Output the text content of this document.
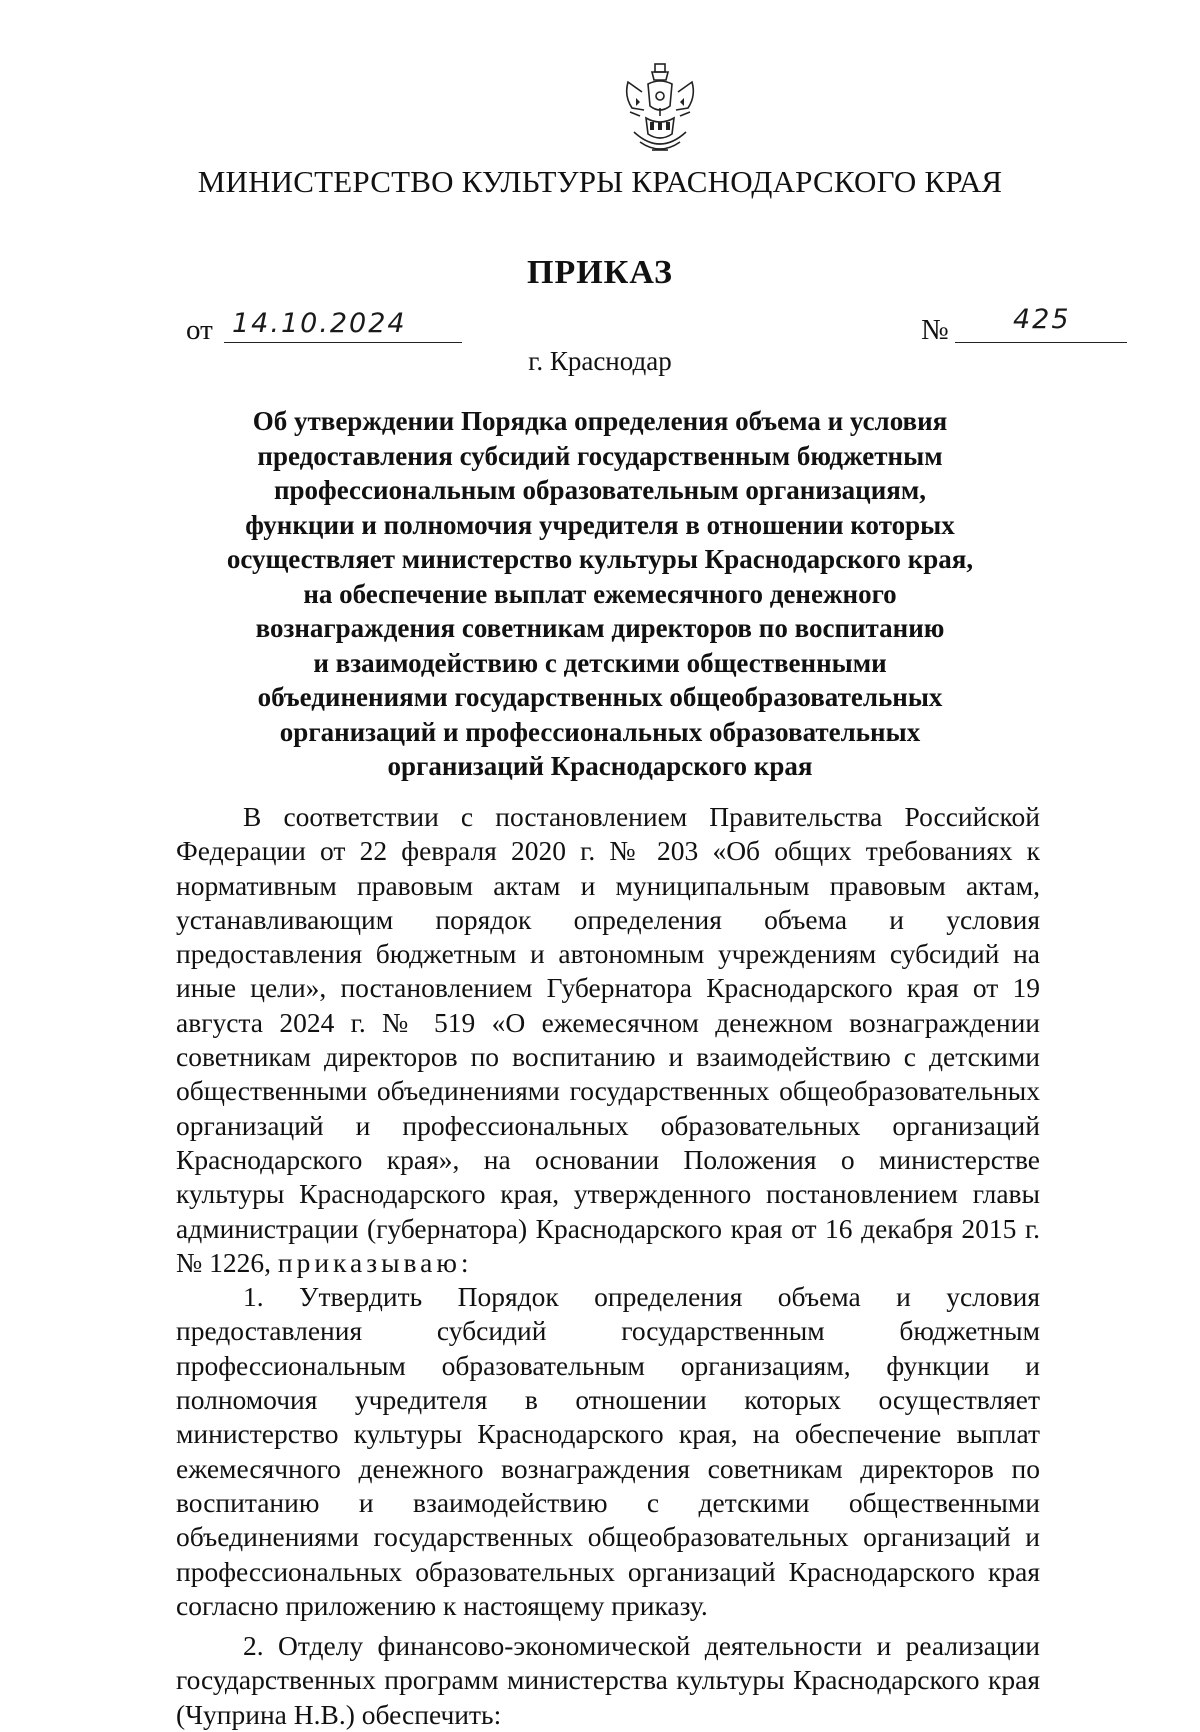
МИНИСТЕРСТВО КУЛЬТУРЫ КРАСНОДАРСКОГО КРАЯ
ПРИКАЗ
от 14.10.2024	№ 425
г. Краснодар
Об утверждении Порядка определения объема и условия
предоставления субсидий государственным бюджетным
профессиональным образовательным организациям,
функции и полномочия учредителя в отношении которых
осуществляет министерство культуры Краснодарского края,
на обеспечение выплат ежемесячного денежного
вознаграждения советникам директоров по воспитанию
и взаимодействию с детскими общественными
объединениями государственных общеобразовательных
организаций и профессиональных образовательных
организаций Краснодарского края

В соответствии с постановлением Правительства Российской Федерации от 22 февраля 2020 г. № 203 «Об общих требованиях к нормативным правовым актам и муниципальным правовым актам, устанавливающим порядок определения объема и условия предоставления бюджетным и автономным учреждениям субсидий на иные цели», постановлением Губернатора Краснодарского края от 19 августа 2024 г. № 519 «О ежемесячном денежном вознаграждении советникам директоров по воспитанию и взаимодействию с детскими общественными объединениями государственных общеобразовательных организаций и профессиональных образовательных организаций Краснодарского края», на основании Положения о министерстве культуры Краснодарского края, утвержденного постановлением главы администрации (губернатора) Краснодарского края от 16 декабря 2015 г. № 1226, приказываю:

1. Утвердить Порядок определения объема и условия предоставления субсидий государственным бюджетным профессиональным образовательным организациям, функции и полномочия учредителя в отношении которых осуществляет министерство культуры Краснодарского края, на обеспечение выплат ежемесячного денежного вознаграждения советникам директоров по воспитанию и взаимодействию с детскими общественными объединениями государственных общеобразовательных организаций и профессиональных образовательных организаций Краснодарского края согласно приложению к настоящему приказу.

2. Отделу финансово-экономической деятельности и реализации государственных программ министерства культуры Краснодарского края (Чуприна Н.В.) обеспечить:
